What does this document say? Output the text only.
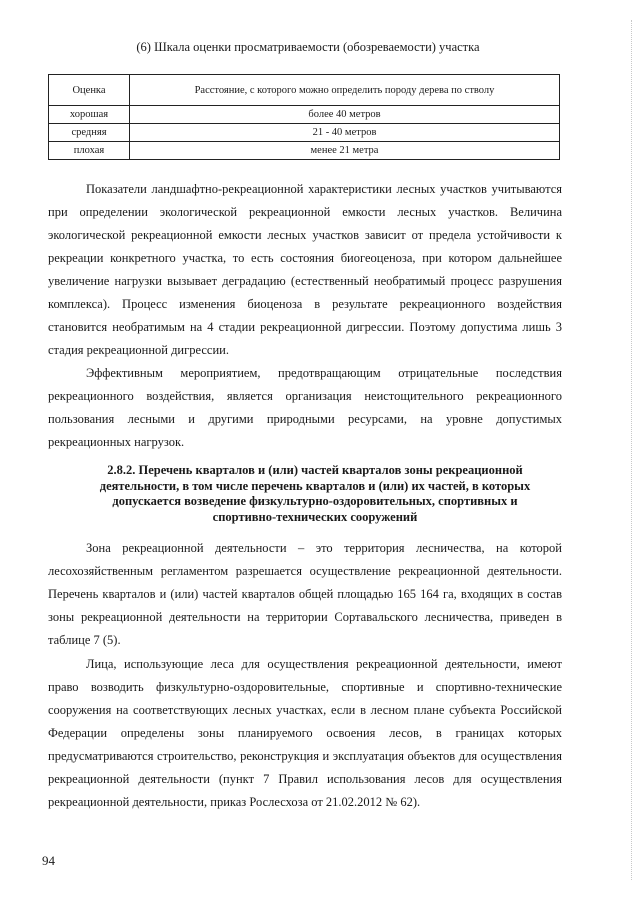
(6) Шкала оценки просматриваемости (обозреваемости) участка
Оценка	Расстояние, с которого можно определить породу дерева по стволу
хорошая	более 40 метров
средняя	21 - 40 метров
плохая	менее 21 метра

Показатели ландшафтно-рекреационной характеристики лесных участков учитываются при определении экологической рекреационной емкости лесных участков. Величина экологической рекреационной емкости лесных участков зависит от предела устойчивости к рекреации конкретного участка, то есть состояния биогеоценоза, при котором дальнейшее увеличение нагрузки вызывает деградацию (естественный необратимый процесс разрушения комплекса). Процесс изменения биоценоза в результате рекреационного воздействия становится необратимым на 4 стадии рекреационной дигрессии. Поэтому допустима лишь 3 стадия рекреационной дигрессии.

Эффективным мероприятием, предотвращающим отрицательные последствия рекреационного воздействия, является организация неистощительного рекреационного пользования лесными и другими природными ресурсами, на уровне допустимых рекреационных нагрузок.

2.8.2. Перечень кварталов и (или) частей кварталов зоны рекреационной деятельности, в том числе перечень кварталов и (или) их частей, в которых допускается возведение физкультурно-оздоровительных, спортивных и спортивно-технических сооружений

Зона рекреационной деятельности – это территория лесничества, на которой лесохозяйственным регламентом разрешается осуществление рекреационной деятельности. Перечень кварталов и (или) частей кварталов общей площадью 165 164 га, входящих в состав зоны рекреационной деятельности на территории Сортавальского лесничества, приведен в таблице 7 (5).

Лица, использующие леса для осуществления рекреационной деятельности, имеют право возводить физкультурно-оздоровительные, спортивные и спортивно-технические сооружения на соответствующих лесных участках, если в лесном плане субъекта Российской Федерации определены зоны планируемого освоения лесов, в границах которых предусматриваются строительство, реконструкция и эксплуатация объектов для осуществления рекреационной деятельности (пункт 7 Правил использования лесов для осуществления рекреационной деятельности, приказ Рослесхоза от 21.02.2012 № 62).

94
